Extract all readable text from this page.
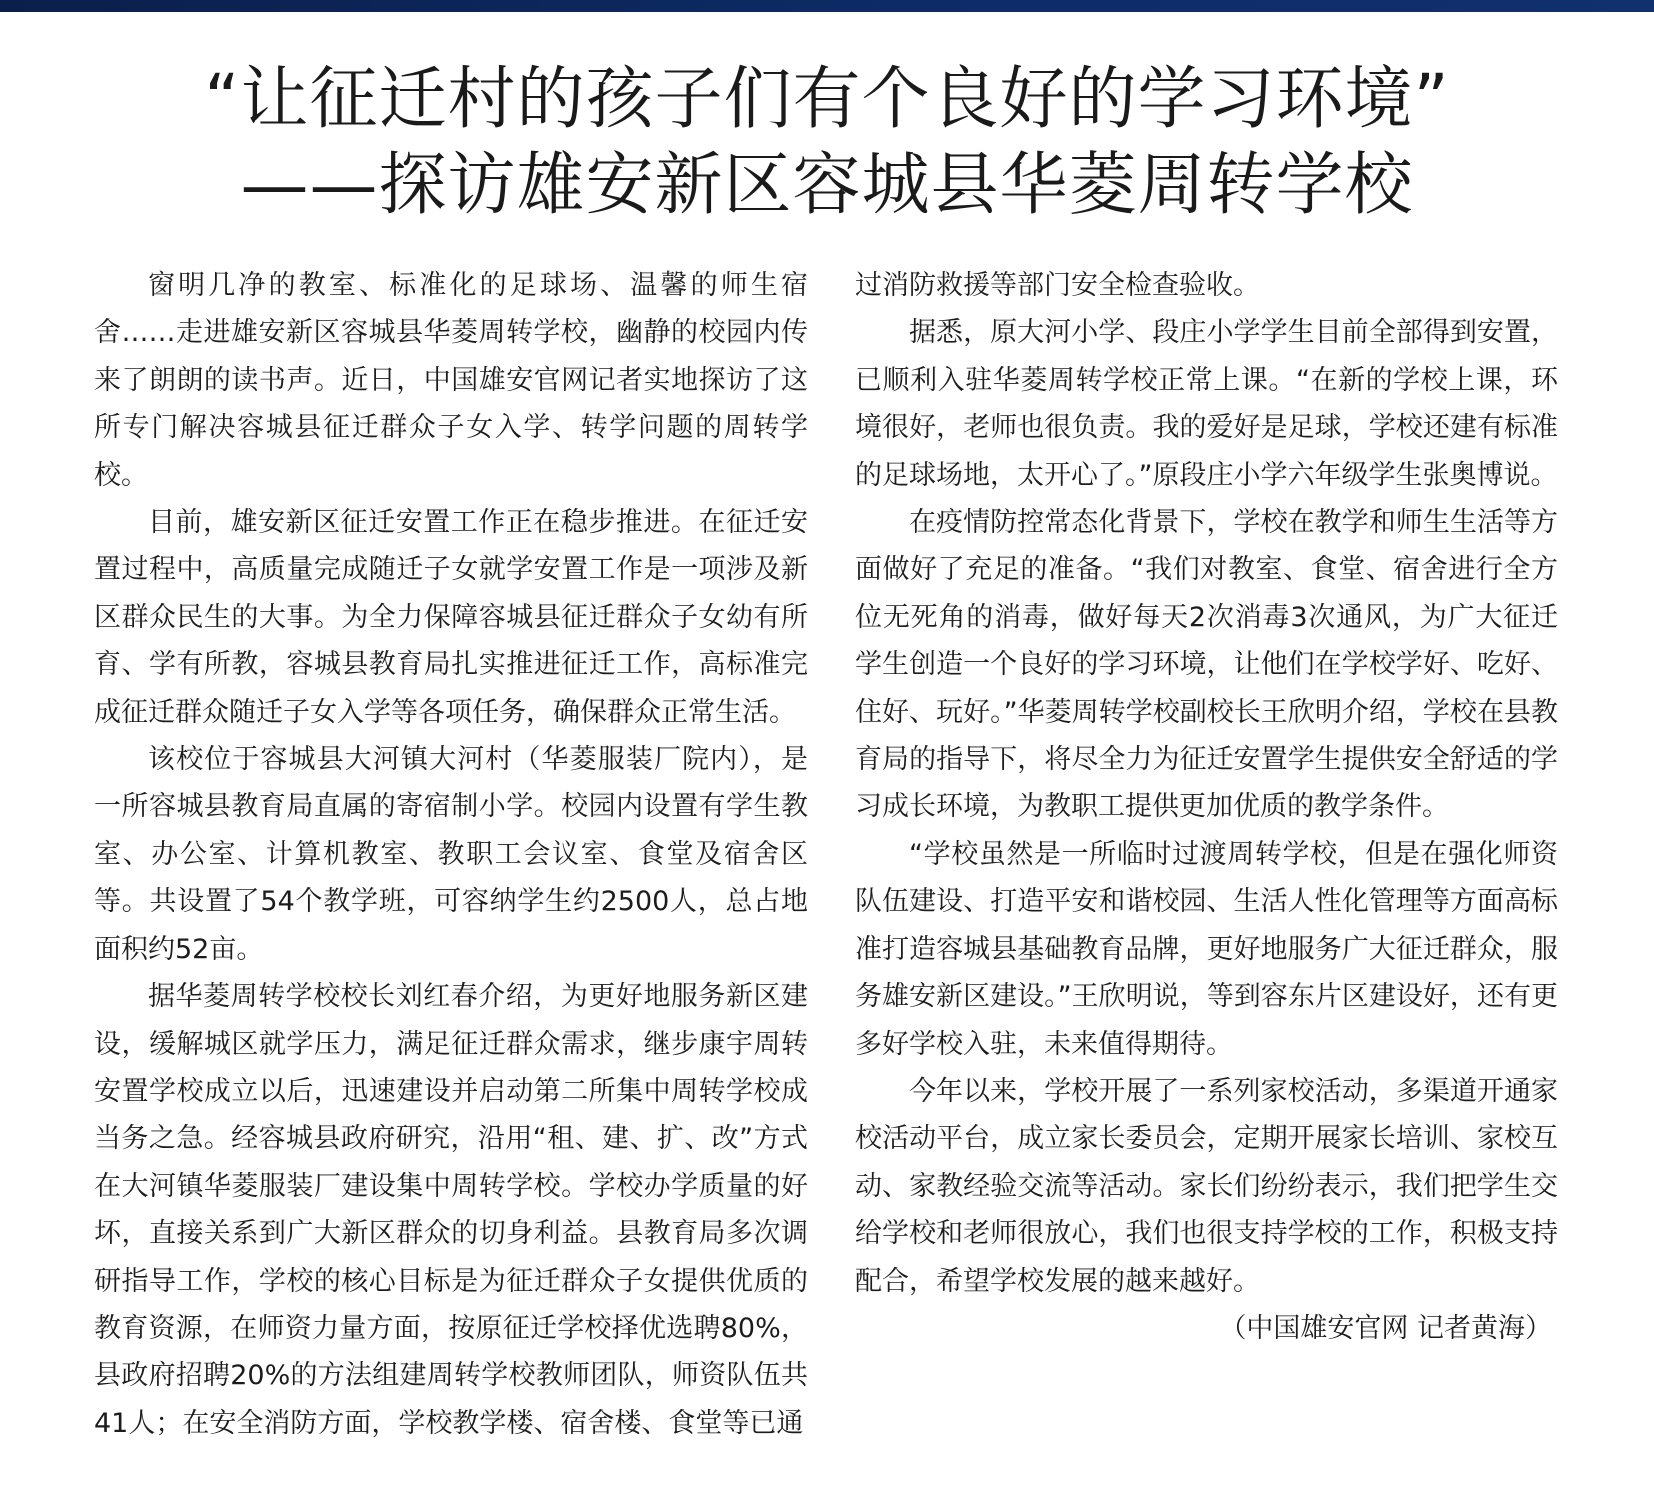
“让征迁村的孩子们有个良好的学习环境”
——探访雄安新区容城县华菱周转学校

窗明几净的教室、标准化的足球场、温馨的师生宿舍……走进雄安新区容城县华菱周转学校，幽静的校园内传来了朗朗的读书声。近日，中国雄安官网记者实地探访了这所专门解决容城县征迁群众子女入学、转学问题的周转学校。

目前，雄安新区征迁安置工作正在稳步推进。在征迁安置过程中，高质量完成随迁子女就学安置工作是一项涉及新区群众民生的大事。为全力保障容城县征迁群众子女幼有所育、学有所教，容城县教育局扎实推进征迁工作，高标准完成征迁群众随迁子女入学等各项任务，确保群众正常生活。

该校位于容城县大河镇大河村（华菱服装厂院内），是一所容城县教育局直属的寄宿制小学。校园内设置有学生教室、办公室、计算机教室、教职工会议室、食堂及宿舍区等。共设置了54个教学班，可容纳学生约2500人，总占地面积约52亩。

据华菱周转学校校长刘红春介绍，为更好地服务新区建设，缓解城区就学压力，满足征迁群众需求，继步康宇周转安置学校成立以后，迅速建设并启动第二所集中周转学校成当务之急。经容城县政府研究，沿用“租、建、扩、改”方式在大河镇华菱服装厂建设集中周转学校。学校办学质量的好坏，直接关系到广大新区群众的切身利益。县教育局多次调研指导工作，学校的核心目标是为征迁群众子女提供优质的教育资源，在师资力量方面，按原征迁学校择优选聘80%，县政府招聘20%的方法组建周转学校教师团队，师资队伍共41人；在安全消防方面，学校教学楼、宿舍楼、食堂等已通

过消防救援等部门安全检查验收。

据悉，原大河小学、段庄小学学生目前全部得到安置，已顺利入驻华菱周转学校正常上课。“在新的学校上课，环境很好，老师也很负责。我的爱好是足球，学校还建有标准的足球场地，太开心了。”原段庄小学六年级学生张奥博说。

在疫情防控常态化背景下，学校在教学和师生生活等方面做好了充足的准备。“我们对教室、食堂、宿舍进行全方位无死角的消毒，做好每天2次消毒3次通风，为广大征迁学生创造一个良好的学习环境，让他们在学校学好、吃好、住好、玩好。”华菱周转学校副校长王欣明介绍，学校在县教育局的指导下，将尽全力为征迁安置学生提供安全舒适的学习成长环境，为教职工提供更加优质的教学条件。

“学校虽然是一所临时过渡周转学校，但是在强化师资队伍建设、打造平安和谐校园、生活人性化管理等方面高标准打造容城县基础教育品牌，更好地服务广大征迁群众，服务雄安新区建设。”王欣明说，等到容东片区建设好，还有更多好学校入驻，未来值得期待。

今年以来，学校开展了一系列家校活动，多渠道开通家校活动平台，成立家长委员会，定期开展家长培训、家校互动、家教经验交流等活动。家长们纷纷表示，我们把学生交给学校和老师很放心，我们也很支持学校的工作，积极支持配合，希望学校发展的越来越好。

（中国雄安官网 记者黄海）
